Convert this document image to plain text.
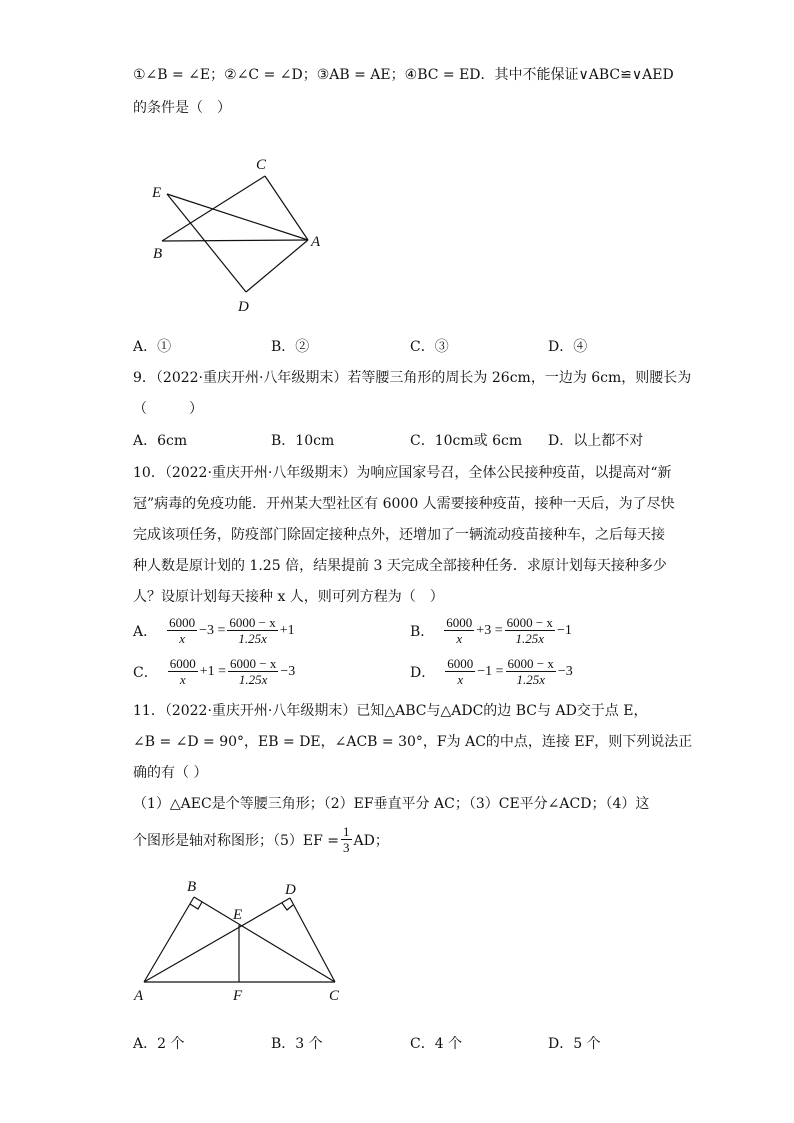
①∠B = ∠E；②∠C = ∠D；③AB = AE；④BC = ED．其中不能保证∨ABC≌∨AED
的条件是（　）
C
E
B
A
D
A．①	B．②	C．③	D．④
9．（2022·重庆开州·八年级期末）若等腰三角形的周长为 26cm，一边为 6cm，则腰长为
（　　　）
A．6cm	B．10cm	C．10cm或 6cm D．以上都不对
10．（2022·重庆开州·八年级期末）为响应国家号召，全体公民接种疫苗，以提高对“新
冠”病毒的免疫功能．开州某大型社区有 6000 人需要接种疫苗，接种一天后，为了尽快
完成该项任务，防疫部门除固定接种点外，还增加了一辆流动疫苗接种车，之后每天接
种人数是原计划的 1.25 倍，结果提前 3 天完成全部接种任务．求原计划每天接种多少
人？设原计划每天接种 x 人，则可列方程为（　）
A． $\frac{6000}{x} -3 = \frac{6000 - x}{1.25x} +1$	B． $\frac{6000}{x} +3 = \frac{6000 - x}{1.25x} -1$
C． $\frac{6000}{x} +1 = \frac{6000 - x}{1.25x} -3$	D． $\frac{6000}{x} -1 = \frac{6000 - x}{1.25x} -3$
11．（2022·重庆开州·八年级期末）已知△ABC与△ADC的边 BC与 AD交于点 E，
∠B = ∠D = 90°，EB = DE，∠ACB = 30°，F为 AC的中点，连接 EF，则下列说法正
确的有（ ）
（1）△AEC是个等腰三角形；（2）EF垂直平分 AC；（3）CE平分∠ACD；（4）这
个图形是轴对称图形；$(5)EF = \frac{1}{3}$ AD；
B
E
D
A	F	C
A．2 个	B．3 个	C．4 个	D．5 个
